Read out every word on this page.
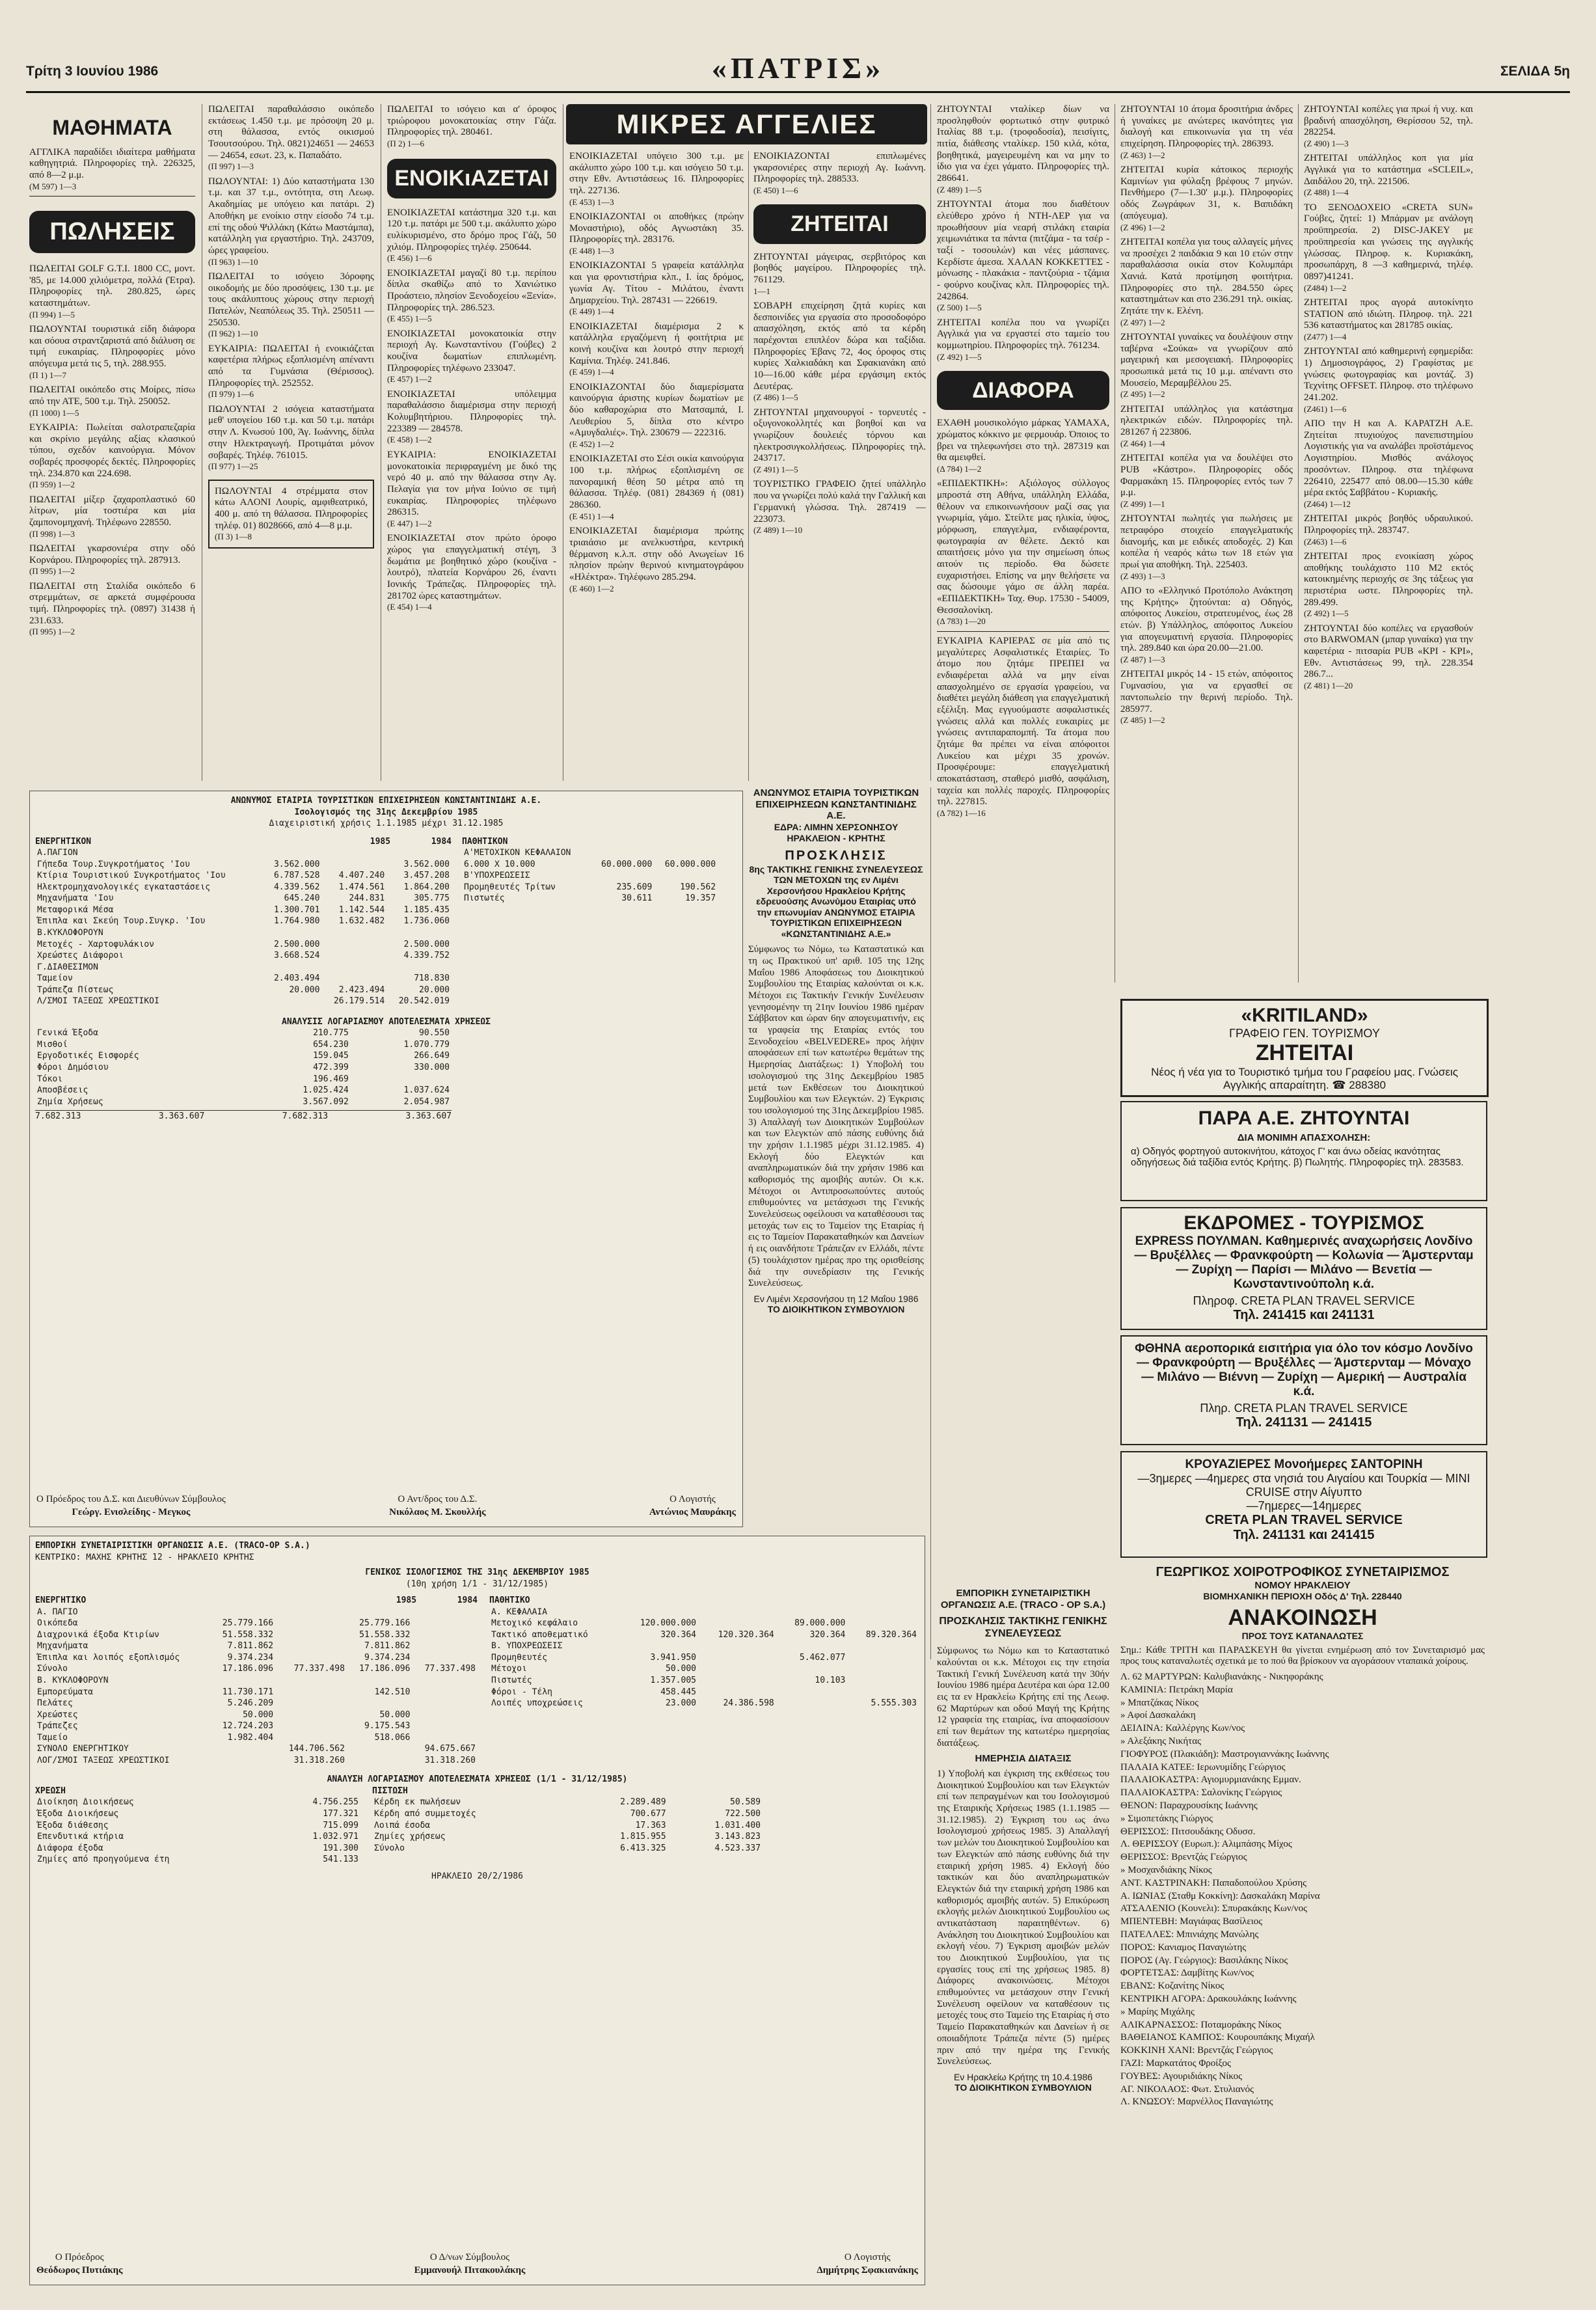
Τρίτη 3 Ιουνίου 1986	«ΠΑΤΡΙΣ»	ΣΕΛΙΔΑ 5η
ΜΑΘΗΜΑΤΑ
ΑΓΓΛΙΚΑ παραδίδει ιδιαίτερα μαθήματα καθηγητριά. Πληροφορίες τηλ. 226325, από 8—2 μ.μ.
(Μ 597) 1—3
ΠΩΛΗΣΕΙΣ
ΠΩΛΕΙΤΑΙ GOLF G.T.I. 1800 CC, μοντ. '85, με 14.000 χιλιόμετρα, πολλά (Έτρα). Πληροφορίες τηλ. 280.825, ώρες καταστημάτων.
(Π 994) 1—5
ΠΩΛΟΥΝΤΑΙ τουριστικά είδη διάφορα και σόουα στραντζαριστά από διάλυση σε τιμή ευκαιρίας. Πληροφορίες μόνο απόγευμα μετά τις 5, τηλ. 288.955.
(Π 1) 1—7
ΠΩΛΕΙΤΑΙ οικόπεδο στις Μοίρες, πίσω από την ΑΤΕ, 500 τ.μ. Τηλ. 250052.
(Π 1000) 1—5
ΕΥΚΑΙΡΙΑ: Πωλείται σαλοτραπεζαρία και σκρίνιο μεγάλης αξίας κλασικού τύπου, σχεδόν καινούργια. Μόνον σοβαρές προσφορές δεκτές. Πληροφορίες τηλ. 234.870 και 224.698.
(Π 959) 1—2
ΠΩΛΕΙΤΑΙ μίξερ ζαχαροπλαστικό 60 λίτρων, μία τοστιέρα και μία ζαμπονομηχανή. Τηλέφωνο 228550.
(Π 998) 1—3
ΠΩΛΕΙΤΑΙ γκαρσονιέρα στην οδό Κορνάρου. Πληροφορίες τηλ. 287913.
(Π 995) 1—2
ΠΩΛΕΙΤΑΙ στη Σταλίδα οικόπεδο 6 στρεμμάτων, σε αρκετά συμφέρουσα τιμή. Πληροφορίες τηλ. (0897) 31438 ή 231.633.
(Π 995) 1—2
ΠΩΛΕΙΤΑΙ παραθαλάσσιο οικόπεδο εκτάσεως 1.450 τ.μ. με πρόσοψη 20 μ. στη θάλασσα, εντός οικισμού Τσουτσούρου. Τηλ. 0821)24651 — 24653 — 24654, εσωτ. 23, κ. Παπαδάτο.
(Π 997) 1—3
ΠΩΛΟΥΝΤΑΙ: 1) Δύο καταστήματα 130 τ.μ. και 37 τ.μ., οντότητα, στη Λεωφ. Ακαδημίας με υπόγειο και πατάρι. 2) Αποθήκη με ενοίκιο στην είσοδο 74 τ.μ. επί της οδού Ψιλλάκη (Κάτω Μαστάμπα), κατάλληλη για εργαστήριο. Τηλ. 243709, ώρες γραφείου.
(Π 963) 1—10
ΠΩΛΕΙΤΑΙ το ισόγειο 3όροφης οικοδομής με δύο προσόψεις, 130 τ.μ. με τους ακάλυπτους χώρους στην περιοχή Πατελών, Νεαπόλεως 35. Τηλ. 250511 — 250530.
(Π 962) 1—10
ΕΥΚΑΙΡΙΑ: ΠΩΛΕΙΤΑΙ ή ενοικιάζεται καφετέρια πλήρως εξοπλισμένη απέναντι από τα Γυμνάσια (Θέρισσος). Πληροφορίες τηλ. 252552.
(Π 979) 1—6
ΠΩΛΟΥΝΤΑΙ 2 ισόγεια καταστήματα μεθ' υπογείου 160 τ.μ. και 50 τ.μ. πατάρι στην Λ. Κνωσού 100, Άγ. Ιωάννης, δίπλα στην Ηλεκτραγωγή. Προτιμάται μόνον σοβαρές. Τηλέφ. 761015.
(Π 977) 1—25
ΠΩΛΟΥΝΤΑΙ 4 στρέμματα στον κάτω ΑΛΟΝΙ Λουρίς, αμφιθεατρικό, 400 μ. από τη θάλασσα. Πληροφορίες τηλέφ. 01) 8028666, από 4—8 μ.μ.
(Π 3) 1—8
ΠΩΛΕΙΤΑΙ το ισόγειο και α' όροφος τριώροφου μονοκατοικίας στην Γάζα. Πληροφορίες τηλ. 280461.
(Π 2) 1—6
ΕΝΟΙΚιΑΖΕΤΑΙ
ΕΝΟΙΚΙΑΖΕΤΑΙ κατάστημα 320 τ.μ. και 120 τ.μ. πατάρι με 500 τ.μ. ακάλυπτο χώρο ευλίκυρισμένο, στο δρόμο προς Γάζι, 50 χιλιόμ. Πληροφορίες τηλέφ. 250644.
(Ε 456) 1—6
ΕΝΟΙΚΙΑΖΕΤΑΙ μαγαζί 80 τ.μ. περίπου δίπλα σκαθίζω από το Χανιώτικο Προάστειο, πλησίον Ξενοδοχείου «Ξενία». Πληροφορίες τηλ. 286.523.
(Ε 455) 1—5
ΕΝΟΙΚΙΑΖΕΤΑΙ μονοκατοικία στην περιοχή Αγ. Κωνσταντίνου (Γούβες) 2 κουζίνα δωματίων επιπλωμένη. Πληροφορίες τηλέφωνο 233047.
(Ε 457) 1—2
ΕΝΟΙΚΙΑΖΕΤΑΙ υπόλειμμα παραθαλάσσιο διαμέρισμα στην περιοχή Κολυμβητήριου. Πληροφορίες τηλ. 223389 — 284578.
(Ε 458) 1—2
ΕΥΚΑΙΡΙΑ: ΕΝΟΙΚΙΑΖΕΤΑΙ μονοκατοικία περιφραγμένη με δικό της νερό 40 μ. από την θάλασσα στην Αγ. Πελαγία για τον μήνα Ιούνιο σε τιμή ευκαιρίας. Πληροφορίες τηλέφωνο 286315.
(Ε 447) 1—2
ΕΝΟΙΚΙΑΖΕΤΑΙ στον πρώτο όροφο χώρος για επαγγελματική στέγη, 3 δωμάτια με βοηθητικό χώρο (κουζίνα - λουτρό), πλατεία Κορνάρου 26, έναντι Ιονικής Τράπεζας. Πληροφορίες τηλ. 281702 ώρες καταστημάτων.
(Ε 454) 1—4
ΜΙΚΡΕΣ ΑΓΓΕΛΙΕΣ
ΕΝΟΙΚΙΑΖΕΤΑΙ υπόγειο 300 τ.μ. με ακάλυπτο χώρο 100 τ.μ. και ισόγειο 50 τ.μ. στην Εθν. Αντιστάσεως 16. Πληροφορίες τηλ. 227136.
(Ε 453) 1—3
ΕΝΟΙΚΙΑΖΟΝΤΑΙ οι αποθήκες (πρώην Μοναστήριο), οδός Αγνωστάκη 35. Πληροφορίες τηλ. 283176.
(Ε 448) 1—3
ΕΝΟΙΚΙΑΖΟΝΤΑΙ 5 γραφεία κατάλληλα και για φροντιστήρια κλπ., Ι. ίας δρόμος, γωνία Αγ. Τίτου - Μιλάτου, έναντι Δημαρχείου. Τηλ. 287431 — 226619.
(Ε 449) 1—4
ΕΝΟΙΚΙΑΖΕΤΑΙ διαμέρισμα 2 κ κατάλληλα εργαζόμενη ή φοιτήτρια με κοινή κουζίνα και λουτρό στην περιοχή Καμίνια. Τηλέφ. 241.846.
(Ε 459) 1—4
ΕΝΟΙΚΙΑΖΟΝΤΑΙ δύο διαμερίσματα καινούργια άριστης κυρίων δωματίων με δύο καθαροχώρια στο Ματσαμπά, Ι. Λευθερίου 5, δίπλα στο κέντρο «Αμυγδαλιές». Τηλ. 230679 — 222316.
(Ε 452) 1—2
ΕΝΟΙΚΙΑΖΕΤΑΙ στο Σέσι οικία καινούργια 100 τ.μ. πλήρως εξοπλισμένη σε πανοραμική θέση 50 μέτρα από τη θάλασσα. Τηλέφ. (081) 284369 ή (081) 286360.
(Ε 451) 1—4
ΕΝΟΙΚΙΑΖΕΤΑΙ διαμέρισμα πρώτης τριαιάσιο με ανελκυστήρα, κεντρική θέρμανση κ.λ.π. στην οδό Ανωγείων 16 πλησίον πρώην θερινού κινηματογράφου «Ηλέκτρα». Τηλέφωνο 285.294.
(Ε 460) 1—2
ΕΝΟΙΚΙΑΖΟΝΤΑΙ επιπλωμένες γκαρσονιέρες στην περιοχή Αγ. Ιωάννη. Πληροφορίες τηλ. 288533.
(Ε 450) 1—6
ΖΗΤΕΙΤΑΙ
ΖΗΤΟΥΝΤΑΙ μάγειρας, σερβιτόρος και βοηθός μαγείρου. Πληροφορίες τηλ. 761129.
1—1
ΣΟΒΑΡΗ επιχείρηση ζητά κυρίες και δεσποινίδες για εργασία στο προσοδοφόρο απασχόληση, εκτός από τα κέρδη παρέχονται επιπλέον δώρα και ταξίδια. Πληροφορίες Έβανς 72, 4ος όροφος στις κυρίες Χαλκιαδάκη και Σφακιανάκη από 10—16.00 κάθε μέρα εργάσιμη εκτός Δευτέρας.
(Ζ 486) 1—5
ΖΗΤΟΥΝΤΑΙ μηχανουργοί - τορνευτές - οξυγονοκολλητές και βοηθοί και να γνωρίζουν δουλειές τόρνου και ηλεκτροσυγκολλήσεως. Πληροφορίες τηλ. 243717.
(Ζ 491) 1—5
ΤΟΥΡΙΣΤΙΚΟ ΓΡΑΦΕΙΟ ζητεί υπάλληλο που να γνωρίζει πολύ καλά την Γαλλική και Γερμανική γλώσσα. Τηλ. 287419 — 223073.
(Ζ 489) 1—10
ΖΗΤΟΥΝΤΑΙ νταλίκερ δίων να προσληφθούν φορτωτικό στην φυτρικό Ιταλίας 88 τ.μ. (τροφοδοσία), πεισίγιτς, πιτία, διάθεσης νταλίκερ. 150 κιλά, κότα, βοηθητικά, μαγειρευμένη και να μην το ίδιο για να έχει γάματο. Πληροφορίες τηλ. 286641.
(Ζ 489) 1—5
ΖΗΤΟΥΝΤΑΙ άτομα που διαθέτουν ελεύθερο χρόνο ή ΝΤΗ-ΛΕΡ για να προωθήσουν μία νεαρή στιλάκη εταιρία χειμωνιάτικα τα πάντα (πιτζάμα - τα τσέρ - ταξί - τοσουλών) και νέες μάσπανες. Κερδίστε άμεσα. ΧΑΛΑΝ ΚΟΚΚΕΤΤΕΣ - μόνωσης - πλακάκια - παντζούρια - τζάμια - φούρνο κουζίνας κλπ. Πληροφορίες τηλ. 242864.
(Ζ 500) 1—5
ΖΗΤΕΙΤΑΙ κοπέλα που να γνωρίζει Αγγλικά για να εργαστεί στο ταμείο του κομμωτηρίου. Πληροφορίες τηλ. 761234.
(Ζ 492) 1—5
ΔΙΑΦΟΡΑ
ΕΧΑΘΗ μουσικολόγιο μάρκας YAMAXA, χρώματος κόκκινο με φερμουάρ. Όποιος το βρει να τηλεφωνήσει στο τηλ. 287319 και θα αμειφθεί.
(Δ 784) 1—2
«ΕΠΙΔΕΚΤΙΚΗ»: Αξιόλογος σύλλογος μπροστά στη Αθήνα, υπάλληλη Ελλάδα, θέλουν να επικοινωνήσουν μαζί σας για γνωριμία, γάμο. Στείλτε μας ηλικία, ύψος, μόρφωση, επαγγελμα, ενδιαφέροντα, φωτογραφία αν θέλετε. Δεκτό και απαιτήσεις μόνο για την σημείωση όπως αιτούν τις περίοδο. Θα δώσετε ευχαριστήσει. Επίσης να μην θελήσετε να σας δώσουμε γάμο σε άλλη παρέα. «ΕΠΙΔΕΚΤΙΚΗ» Ταχ. Θυρ. 17530 - 54009, Θεσσαλονίκη.
(Δ 783) 1—20
ΕΥΚΑΙΡΙΑ ΚΑΡΙΕΡΑΣ σε μία από τις μεγαλύτερες Ασφαλιστικές Εταιρίες. Το άτομο που ζητάμε ΠΡΕΠΕΙ να ενδιαφέρεται αλλά να μην είναι απασχολημένο σε εργασία γραφείου, να διαθέτει μεγάλη διάθεση για επαγγελματική εξέλιξη. Μας εγγυούμαστε ασφαλιστικές γνώσεις αλλά και πολλές ευκαιρίες με γνώσεις αντιπαραπομπή. Τα άτομα που ζητάμε θα πρέπει να είναι απόφοιτοι Λυκείου και μέχρι 35 χρονών. Προσφέρουμε: επαγγελματική αποκατάσταση, σταθερό μισθό, ασφάλιση, ταχεία και πολλές παροχές. Πληροφορίες τηλ. 227815.
(Δ 782) 1—16
ΖΗΤΟΥΝΤΑΙ 10 άτομα δροσιτήρια άνδρες ή γυναίκες με ανώτερες ικανότητες για διαλογή και επικοινωνία για τη νέα επιχείρηση. Πληροφορίες τηλ. 286393.
(Ζ 463) 1—2
ΖΗΤΕΙΤΑΙ κυρία κάτοικος περιοχής Καμινίων για φύλαξη βρέφους 7 μηνών. Πενθήμερο (7—1.30' μ.μ.). Πληροφορίες οδός Ζωγράφων 31, κ. Βαπιδάκη (απόγευμα).
(Ζ 496) 1—2
ΖΗΤΕΙΤΑΙ κοπέλα για τους αλλαγείς μήνες να προσέχει 2 παιδάκια 9 και 10 ετών στην παραθαλάσσια οικία στον Κολυμπάρι Χανιά. Κατά προτίμηση φοιτήτρια. Πληροφορίες στο τηλ. 284.550 ώρες καταστημάτων και στο 236.291 τηλ. οικίας. Ζητάτε την κ. Ελένη.
(Ζ 497) 1—2
ΖΗΤΟΥΝΤΑΙ γυναίκες να δουλέψουν στην ταβέρνα «Σούκα» να γνωρίζουν από μαγειρική και μεσογειακή. Πληροφορίες προσωπικά μετά τις 10 μ.μ. απέναντι στο Μουσείο, Μεραμβέλλου 25.
(Ζ 495) 1—2
ΖΗΤΕΙΤΑΙ υπάλληλος για κατάστημα ηλεκτρικών ειδών. Πληροφορίες τηλ. 281267 ή 223806.
(Ζ 464) 1—4
ΖΗΤΕΙΤΑΙ κοπέλα για να δουλέψει στο PUB «Κάστρο». Πληροφορίες οδός Φαρμακάκη 15. Πληροφορίες εντός των 7 μ.μ.
(Ζ 499) 1—1
ΖΗΤΟΥΝΤΑΙ πωλητές για πωλήσεις με πετραφόρο στοιχείο επαγγελματικής διανομής, και με ειδικές αποδοχές. 2) Και κοπέλα ή νεαρός κάτω των 18 ετών για πρωί για αποθήκη. Τηλ. 225403.
(Ζ 493) 1—3
ΑΠΟ το «Ελληνικό Προτόπολο Ανάκτηση της Κρήτης» ζητούνται: α) Οδηγός, απόφοιτος Λυκείου, στρατευμένος, έως 28 ετών. β) Υπάλληλος, απόφοιτος Λυκείου για απογευματινή εργασία. Πληροφορίες τηλ. 289.840 και ώρα 20.00—21.00.
(Ζ 487) 1—3
ΖΗΤΕΙΤΑΙ μικρός 14 - 15 ετών, απόφοιτος Γυμνασίου, για να εργασθεί σε παντοπωλείο την θερινή περίοδο. Τηλ. 285977.
(Ζ 485) 1—2
ΖΗΤΟΥΝΤΑΙ κοπέλες για πρωί ή νυχ. και βραδινή απασχόληση, Θερίσσου 52, τηλ. 282254.
(Ζ 490) 1—3
ΖΗΤΕΙΤΑΙ υπάλληλος κοπ για μία Αγγλικά για το κατάστημα «SCLEIL», Δαιδάλου 20, τηλ. 221506.
(Ζ 488) 1—4
ΤΟ ΞΕΝΟΔΟΧΕΙΟ «CRETA SUN» Γούβες, ζητεί: 1) Μπάρμαν με ανάλογη προϋπηρεσία. 2) DISC-JAKEY με προϋπηρεσία και γνώσεις της αγγλικής γλώσσας. Πληροφ. κ. Κυριακάκη, προσωπάρχη, 8 —3 καθημερινά, τηλέφ. 0897)41241.
(Ζ484) 1—2
ΖΗΤΕΙΤΑΙ προς αγορά αυτοκίνητο STATION από ιδιώτη. Πληροφ. τηλ. 221 536 καταστήματος και 281785 οικίας.
(Ζ477) 1—4
ΖΗΤΟΥΝΤΑΙ από καθημερινή εφημερίδα: 1) Δημοσιογράφος, 2) Γραφίστας με γνώσεις φωτογραφίας και μοντάζ. 3) Τεχνίτης OFFSET. Πληροφ. στο τηλέφωνο 241.202.
(Ζ461) 1—6
ΑΠΟ την Η και Α. ΚΑΡΑΤΖΗ Α.Ε. Ζητείται πτυχιούχος πανεπιστημίου Λογιστικής για να αναλάβει προϊστάμενος Λογιστηρίου. Μισθός ανάλογος προσόντων. Πληροφ. στα τηλέφωνα 226410, 225477 από 08.00—15.30 κάθε μέρα εκτός Σαββάτου - Κυριακής.
(Ζ464) 1—12
ΖΗΤΕΙΤΑΙ μικρός βοηθός υδραυλικού. Πληροφορίες τηλ. 283747.
(Ζ463) 1—6
ΖΗΤΕΙΤΑΙ προς ενοικίαση χώρος αποθήκης τουλάχιστο 110 Μ2 εκτός κατοικημένης περιοχής σε 3ης τάξεως για περιστέρια ωστε. Πληροφορίες τηλ. 289.499.
(Ζ 492) 1—5
ΖΗΤΟΥΝΤΑΙ δύο κοπέλες να εργασθούν στο BARWOMAN (μπαρ γυναίκα) για την καφετέρια - πιτσαρία PUB «ΚΡΙ - ΚΡΙ», Εθν. Αντιστάσεως 99, τηλ. 228.354 286.7...
(Ζ 481) 1—20
«KRITILAND»
ΓΡΑΦΕΙΟ ΓΕΝ. ΤΟΥΡΙΣΜΟΥ
ΖΗΤΕΙΤΑΙ
Νέος ή νέα για το Τουριστικό τμήμα του Γραφείου μας. Γνώσεις Αγγλικής απαραίτητη. ☎ 288380
ΠΑΡΑ Α.Ε. ΖΗΤΟΥΝΤΑΙ
ΔΙΑ ΜΟΝΙΜΗ ΑΠΑΣΧΟΛΗΣΗ:
α) Οδηγός φορτηγού αυτοκινήτου, κάτοχος Γ' και άνω οδείας ικανότητας οδηγήσεως διά ταξίδια εντός Κρήτης. β) Πωλητής. Πληροφορίες τηλ. 283583.
ΕΚΔΡΟΜΕΣ - ΤΟΥΡΙΣΜΟΣ
EXPRESS ΠΟΥΛΜΑΝ. Καθημερινές αναχωρήσεις Λονδίνο — Βρυξέλλες — Φρανκφούρτη — Κολωνία — Άμστερνταμ — Ζυρίχη — Παρίσι — Μιλάνο — Βενετία — Κωνσταντινούπολη κ.ά.
Πληροφ. CRETA PLAN TRAVEL SERVICE
Τηλ. 241415 και 241131
ΦΘΗΝΑ αεροπορικά εισιτήρια για όλο τον κόσμο Λονδίνο — Φρανκφούρτη — Βρυξέλλες — Άμστερνταμ — Μόναχο — Μιλάνο — Βιέννη — Ζυρίχη — Αμερική — Αυστραλία κ.ά.
Πληρ. CRETA PLAN TRAVEL SERVICE
Τηλ. 241131 — 241415
ΚΡΟΥΑΖΙΕΡΕΣ Μονοήμερες ΣΑΝΤΟΡΙΝΗ
—3ημερες —4ημερες στα νησιά του Αιγαίου και Τουρκία — MINI CRUISE στην Αίγυπτο
—7ημερες—14ημερες
CRETA PLAN TRAVEL SERVICE
Τηλ. 241131 και 241415
ΓΕΩΡΓΙΚΟΣ ΧΟΙΡΟΤΡΟΦΙΚΟΣ ΣΥΝΕΤΑΙΡΙΣΜΟΣ
ΝΟΜΟΥ ΗΡΑΚΛΕΙΟΥ
ΒΙΟΜΗΧΑΝΙΚΗ ΠΕΡΙΟΧΗ Οδός Δ' Τηλ. 228440
ΑΝΑΚΟΙΝΩΣΗ
ΠΡΟΣ ΤΟΥΣ ΚΑΤΑΝΑΛΩΤΕΣ
Σημ.: Κάθε ΤΡΙΤΗ και ΠΑΡΑΣΚΕΥΗ θα γίνεται ενημέρωση από τον Συνεταιρισμό μας προς τους καταναλωτές σχετικά με το πού θα βρίσκουν να αγοράσουν νταπαικά χοίρους.
Λ. 62 ΜΑΡΤΥΡΩΝ: Καλυβιανάκης - Νικηφοράκης
ΚΑΜΙΝΙΑ: Πετράκη Μαρία
» Μπατζάκας Νίκος
» Αφοί Δασκαλάκη
ΔΕΙΛΙΝΑ: Καλλέργης Κων/νος
» Αλεξάκης Νικήτας
ΓΙΟΦΥΡΟΣ (Πλακιάδη): Μαστρογιαννάκης Ιωάννης
ΠΑΛΑΙΑ ΚΑΤΕΕ: Ιερωνυμίδης Γεώργιος
ΠΑΛΑΙΟΚΑΣΤΡΑ: Αγιομυρμιανάκης Εμμαν.
ΠΑΛΑΙΟΚΑΣΤΡΑ: Σαλονίκης Γεώργιος
ΘΕΝΟΝ: Παραχρουσίκης Ιωάννης
» Σιμοπετάκης Γιώργος
ΘΕΡΙΣΣΟΣ: Πιτσουδάκης Οδυσσ.
Λ. ΘΕΡΙΣΣΟΥ (Ευρωπ.): Αλιμπάσης Μίχος
ΘΕΡΙΣΣΟΣ: Βρεντζάς Γεώργιος
» Μοσχανδιάκης Νίκος
ΑΝΤ. ΚΑΣΤΡΙΝΑΚΗ: Παπαδοπούλου Χρύσης
Α. ΙΩΝΙΑΣ (Σταθμ Κοκκίνη): Δασκαλάκη Μαρίνα
ΑΤΣΑΛΕΝΙΟ (Κουνελι): Σπυρακάκης Κων/νος
ΜΠΕΝΤΕΒΗ: Μαγιάφας Βασίλειος
ΠΑΤΕΛΛΕΣ: Μπινιάχης Μανώλης
ΠΟΡΟΣ: Κανιαμος Παναγιώτης
ΠΟΡΟΣ (Αγ. Γεώργιος): Βασιλάκης Νίκος
ΦΟΡΤΕΤΣΑΣ: Δαμβίτης Κων/νος
ΕΒΑΝΣ: Κοζανίτης Νίκος
ΚΕΝΤΡΙΚΗ ΑΓΟΡΑ: Δρακουλάκης Ιωάννης
» Μαρίης Μιχάλης
ΑΛΙΚΑΡΝΑΣΣΟΣ: Ποταμοράκης Νίκος
ΒΑΘΕΙΑΝΟΣ ΚΑΜΠΟΣ: Κουρουπάκης Μιχαήλ
ΚΟΚΚΙΝΗ ΧΑΝΙ: Βρεντζάς Γεώργιος
ΓΑΖΙ: Μαρκατάτος Φροίξος
ΓΟΥΒΕΣ: Αγουριδιάκης Νίκος
ΑΓ. ΝΙΚΟΛΑΟΣ: Φωτ. Στυλιανός
Λ. ΚΝΩΣΟΥ: Μαρνέλλος Παναγιώτης
ΑΝΩΝΥΜΟΣ ΕΤΑΙΡΙΑ ΤΟΥΡΙΣΤΙΚΩΝ ΕΠΙΧΕΙΡΗΣΕΩΝ ΚΩΝΣΤΑΝΤΙΝΙΔΗΣ Α.Ε.
ΕΔΡΑ: ΛΙΜΗΝ ΧΕΡΣΟΝΗΣΟΥ ΗΡΑΚΛΕΙΟΝ - ΚΡΗΤΗΣ
ΠΡΟΣΚΛΗΣΙΣ
8ης ΤΑΚΤΙΚΗΣ ΓΕΝΙΚΗΣ ΣΥΝΕΛΕΥΣΕΩΣ ΤΩΝ ΜΕΤΟΧΩΝ της εν Λιμένι Χερσονήσου Ηρακλείου Κρήτης εδρευούσης Ανωνύμου Εταιρίας υπό την επωνυμίαν ΑΝΩΝΥΜΟΣ ΕΤΑΙΡΙΑ ΤΟΥΡΙΣΤΙΚΩΝ ΕΠΙΧΕΙΡΗΣΕΩΝ «ΚΩΝΣΤΑΝΤΙΝΙΔΗΣ Α.Ε.»

Σύμφωνος τω Νόμω, τω Καταστατικώ και τη ως Πρακτικού υπ' αριθ. 105 της 12ης Μαΐου 1986 Αποφάσεως του Διοικητικού Συμβουλίου της Εταιρίας καλούνται οι κ.κ. Μέτοχοι εις Τακτικήν Γενικήν Συνέλευσιν γενησομένην τη 21ην Ιουνίου 1986 ημέραν Σάββατον και ώραν 6ην απογευματινήν, εις τα γραφεία της Εταιρίας εντός του Ξενοδοχείου «BELVEDERE» προς λήψιν αποφάσεων επί των κατωτέρω θεμάτων της Ημερησίας Διατάξεως: 1) Υποβολή του ισολογισμού της 31ης Δεκεμβρίου 1985 μετά των Εκθέσεων του Διοικητικού Συμβουλίου και των Ελεγκτών. 2) Έγκρισις του ισολογισμού της 31ης Δεκεμβρίου 1985. 3) Απαλλαγή των Διοικητικών Συμβούλων και των Ελεγκτών από πάσης ευθύνης διά την χρήσιν 1.1.1985 μέχρι 31.12.1985. 4) Εκλογή δύο Ελεγκτών και αναπληρωματικών διά την χρήσιν 1986 και καθορισμός της αμοιβής αυτών. Οι κ.κ. Μέτοχοι οι Αντιπροσωπούντες αυτούς επιθυμούντες να μετάσχωσι της Γενικής Συνελεύσεως οφείλουσι να καταθέσουσι τας μετοχάς των εις το Ταμείον της Εταιρίας ή εις το Ταμείον Παρακαταθηκών και Δανείων ή εις οιανδήποτε Τράπεζαν εν Ελλάδι, πέντε (5) τουλάχιστον ημέρας προ της ορισθείσης διά την συνεδρίασιν της Γενικής Συνελεύσεως.

Εν Λιμένι Χερσονήσου τη 12 Μαΐου 1986
ΤΟ ΔΙΟΙΚΗΤΙΚΟΝ ΣΥΜΒΟΥΛΙΟΝ
ΕΜΠΟΡΙΚΗ ΣΥΝΕΤΑΙΡΙΣΤΙΚΗ ΟΡΓΑΝΩΣΙΣ Α.Ε. (TRACO - OP S.A.)
ΠΡΟΣΚΛΗΣΙΣ ΤΑΚΤΙΚΗΣ ΓΕΝΙΚΗΣ ΣΥΝΕΛΕΥΣΕΩΣ

Σύμφωνος τω Νόμω και το Καταστατικό καλούνται οι κ.κ. Μέτοχοι εις την ετησία Τακτική Γενική Συνέλευση κατά την 30ήν Ιουνίου 1986 ημέρα Δευτέρα και ώρα 12.00 εις τα εν Ηρακλείω Κρήτης επί της Λεωφ. 62 Μαρτύρων και οδού Μαγή της Κρήτης 12 γραφεία της εταιρίας, ίνα αποφασίσουν επί των θεμάτων της κατωτέρω ημερησίας διατάξεως.

ΗΜΕΡΗΣΙΑ ΔΙΑΤΑΞΙΣ

1) Υποβολή και έγκριση της εκθέσεως του Διοικητικού Συμβουλίου και των Ελεγκτών επί των πεπραγμένων και του Ισολογισμού της Εταιρικής Χρήσεως 1985 (1.1.1985 — 31.12.1985). 2) Έγκριση του ως άνω Ισολογισμού χρήσεως 1985. 3) Απαλλαγή των μελών του Διοικητικού Συμβουλίου και των Ελεγκτών από πάσης ευθύνης διά την εταιρική χρήση 1985. 4) Εκλογή δύο τακτικών και δύο αναπληρωματικών Ελεγκτών διά την εταιρική χρήση 1986 και καθορισμός αμοιβής αυτών. 5) Επικύρωση εκλογής μελών Διοικητικού Συμβουλίου ως αντικατάσταση παραιτηθέντων. 6) Ανάκληση του Διοικητικού Συμβουλίου και εκλογή νέου. 7) Έγκριση αμοιβών μελών του Διοικητικού Συμβουλίου, για τις εργασίες τους επί της χρήσεως 1985. 8) Διάφορες ανακοινώσεις. Μέτοχοι επιθυμούντες να μετάσχουν στην Γενική Συνέλευση οφείλουν να καταθέσουν τις μετοχές τους στο Ταμείο της Εταιρίας ή στο Ταμείο Παρακαταθηκών και Δανείων ή σε οποιαδήποτε Τράπεζα πέντε (5) ημέρες πριν από την ημέρα της Γενικής Συνελεύσεως.

Εν Ηρακλείω Κρήτης τη 10.4.1986
ΤΟ ΔΙΟΙΚΗΤΙΚΟΝ ΣΥΜΒΟΥΛΙΟΝ
ΑΝΩΝΥΜΟΣ ΕΤΑΙΡΙΑ ΤΟΥΡΙΣΤΙΚΩΝ ΕΠΙΧΕΙΡΗΣΕΩΝ ΚΩΝΣΤΑΝΤΙΝΙΔΗΣ Α.Ε.
Ισολογισμός της 31ης Δεκεμβρίου 1985
Διαχειριστική χρήσις 1.1.1985 μέχρι 31.12.1985
ΕΝΕΡΓΗΤΙΚΟΝ	1985	1984
Α.ΠΑΓΙΟΝ			
Γήπεδα Τουρ.Συγκροτήματος 'Ιου	3.562.000		3.562.000
Κτίρια Τουριστικού Συγκροτήματος 'Ιου	6.787.528	4.407.240	3.457.208
Ηλεκτρομηχανολογικές εγκαταστάσεις	4.339.562	1.474.561	1.864.200
Μηχανήματα 'Ιου	645.240	244.831	305.775
Μεταφορικά Μέσα	1.300.701	1.142.544	1.185.435
Έπιπλα και Σκεύη Τουρ.Συγκρ. 'Ιου	1.764.980	1.632.482	1.736.060
Β.ΚΥΚΛΟΦΟΡΟΥΝ			
Μετοχές - Χαρτοφυλάκιον	2.500.000		2.500.000
Χρεώστες Διάφοροι	3.668.524		4.339.752
Γ.ΔΙΑΘΕΣΙΜΟΝ			
Ταμείον	2.403.494		718.830
Τράπεζα Πίστεως	20.000	2.423.494	20.000
Λ/ΣΜΟΙ ΤΑΞΕΩΣ ΧΡΕΩΣΤΙΚΟΙ		26.179.514	20.542.019
ΠΑΘΗΤΙΚΟΝ
Α'ΜΕΤΟΧΙΚΟΝ ΚΕΦΑΛΑΙΟΝ			
6.000 Χ 10.000	60.000.000	60.000.000	
Β'ΥΠΟΧΡΕΩΣΕΙΣ			
Προμηθευτές Τρίτων	235.609	190.562	
Πιστωτές	30.611	19.357	
ΑΝΑΛΥΣΙΣ ΛΟΓΑΡΙΑΣΜΟΥ ΑΠΟΤΕΛΕΣΜΑΤΑ ΧΡΗΣΕΩΣ
Γενικά Έξοδα	210.775	90.550
Μισθοί	654.230	1.070.779
Εργοδοτικές Εισφορές	159.045	266.649
Φόροι Δημόσιου	472.399	330.000
Τόκοι	196.469	
Αποσβέσεις	1.025.424	1.037.624
Ζημία Χρήσεως	3.567.092	2.054.987
7.682.313	3.363.607	7.682.313	3.363.607
Ο Πρόεδρος του Δ.Σ. και Διευθύνων Σύμβουλος
Γεώργ. Ενισλείδης - Μεγκος
Ο Αντ/δρος του Δ.Σ.
Νικόλαος Μ. Σκουλλής
Ο Λογιστής
Αντώνιος Μαυράκης
ΕΜΠΟΡΙΚΗ ΣΥΝΕΤΑΙΡΙΣΤΙΚΗ ΟΡΓΑΝΩΣΙΣ Α.Ε. (TRACO-OP S.A.)
ΚΕΝΤΡΙΚΟ: ΜΑΧΗΣ ΚΡΗΤΗΣ 12 - ΗΡΑΚΛΕΙΟ ΚΡΗΤΗΣ
ΓΕΝΙΚΟΣ ΙΣΟΛΟΓΙΣΜΟΣ ΤΗΣ 31ης ΔΕΚΕΜΒΡΙΟΥ 1985
(10η χρήση 1/1 - 31/12/1985)
ΕΝΕΡΓΗΤΙΚΟ	1985	1984
Α. ΠΑΓΙΟ				
Οικόπεδα	25.779.166		25.779.166	
Διαχρονικά έξοδα Κτιρίων	51.558.332		51.558.332	
Μηχανήματα	7.811.862		7.811.862	
Έπιπλα και λοιπός εξοπλισμός	9.374.234		9.374.234	
Σύνολο	17.186.096	77.337.498	17.186.096	77.337.498
Β. ΚΥΚΛΟΦΟΡΟΥΝ				
Εμπορεύματα	11.730.171		142.510	
Πελάτες	5.246.209			
Χρεώστες	50.000		50.000	
Τράπεζες	12.724.203		9.175.543	
Ταμείο	1.982.404		518.066	
ΣΥΝΟΛΟ ΕΝΕΡΓΗΤΙΚΟΥ		144.706.562		94.675.667
ΛΟΓ/ΣΜΟΙ ΤΑΞΕΩΣ ΧΡΕΩΣΤΙΚΟΙ		31.318.260		31.318.260
ΠΑΘΗΤΙΚΟ
Α. ΚΕΦΑΛΑΙΑ				
Μετοχικό κεφάλαιο	120.000.000		89.000.000	
Τακτικό αποθεματικό	320.364	120.320.364	320.364	89.320.364
Β. ΥΠΟΧΡΕΩΣΕΙΣ				
Προμηθευτές	3.941.950		5.462.077	
Μέτοχοι	50.000			
Πιστωτές	1.357.005		10.103	
Φόροι - Τέλη	458.445			
Λοιπές υποχρεώσεις	23.000	24.386.598		5.555.303
ΑΝΑΛΥΣΗ ΛΟΓΑΡΙΑΣΜΟΥ ΑΠΟΤΕΛΕΣΜΑΤΑ ΧΡΗΣΕΩΣ (1/1 - 31/12/1985)
ΧΡΕΩΣΗ
Διοίκηση Διοικήσεως	4.756.255
Έξοδα Διοικήσεως	177.321
Έξοδα διάθεσης	715.099
Επενδυτικά κτήρια	1.032.971
Διάφορα έξοδα	191.300
Ζημίες από προηγούμενα έτη	541.133
ΠΙΣΤΩΣΗ
Κέρδη εκ πωλήσεων	2.289.489	50.589
Κέρδη από συμμετοχές	700.677	722.500
Λοιπά έσοδα	17.363	1.031.400
Ζημίες χρήσεως	1.815.955	3.143.823
Σύνολο	6.413.325	4.523.337
ΗΡΑΚΛΕΙΟ 20/2/1986
Ο Πρόεδρος
Θεόδωρος Πυτιάκης
Ο Δ/νων Σύμβουλος
Εμμανουήλ Πιτακουλάκης
Ο Λογιστής
Δημήτρης Σφακιανάκης
